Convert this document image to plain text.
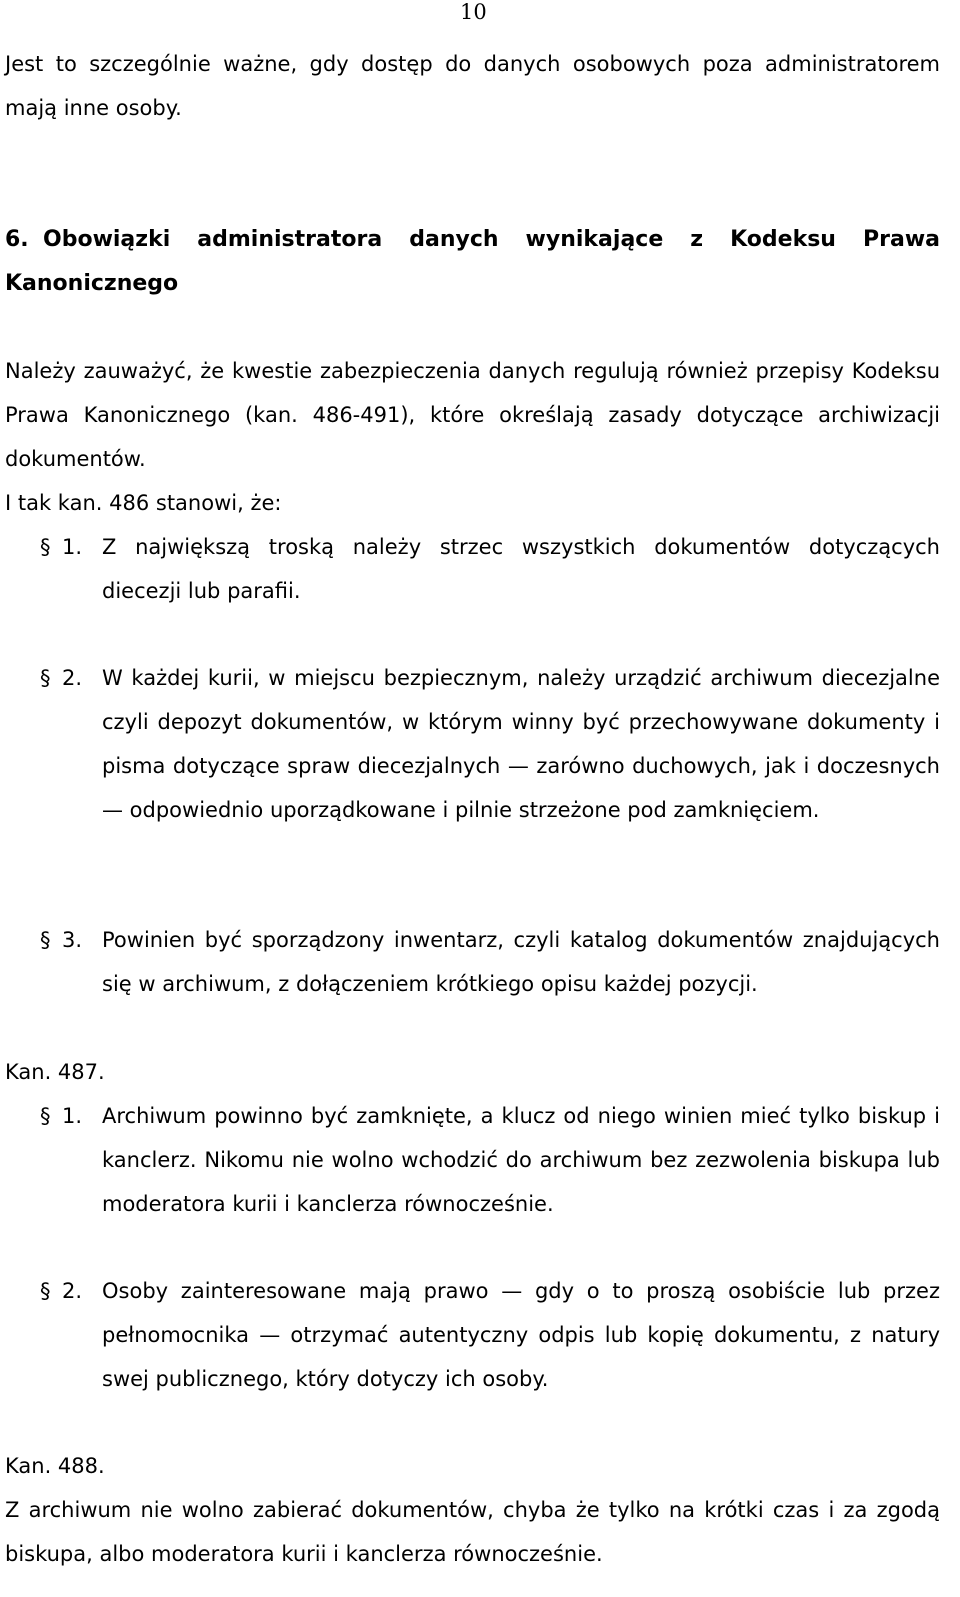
10
Jest to szczególnie ważne, gdy dostęp do danych osobowych poza administratorem mają inne osoby.
6. Obowiązki administratora danych wynikające z Kodeksu Prawa Kanonicznego
Należy zauważyć, że kwestie zabezpieczenia danych regulują również przepisy Kodeksu Prawa Kanonicznego (kan. 486-491), które określają zasady dotyczące archiwizacji dokumentów.
I tak kan. 486 stanowi, że:
§ 1. Z największą troską należy strzec wszystkich dokumentów dotyczących diecezji lub parafii.
§ 2. W każdej kurii, w miejscu bezpiecznym, należy urządzić archiwum diecezjalne czyli depozyt dokumentów, w którym winny być przechowywane dokumenty i pisma dotyczące spraw diecezjalnych — zarówno duchowych, jak i doczesnych — odpowiednio uporządkowane i pilnie strzeżone pod zamknięciem.
§ 3. Powinien być sporządzony inwentarz, czyli katalog dokumentów znajdujących się w archiwum, z dołączeniem krótkiego opisu każdej pozycji.
Kan. 487.
§ 1. Archiwum powinno być zamknięte, a klucz od niego winien mieć tylko biskup i kanclerz. Nikomu nie wolno wchodzić do archiwum bez zezwolenia biskupa lub moderatora kurii i kanclerza równocześnie.
§ 2. Osoby zainteresowane mają prawo — gdy o to proszą osobiście lub przez pełnomocnika — otrzymać autentyczny odpis lub kopię dokumentu, z natury swej publicznego, który dotyczy ich osoby.
Kan. 488.
Z archiwum nie wolno zabierać dokumentów, chyba że tylko na krótki czas i za zgodą biskupa, albo moderatora kurii i kanclerza równocześnie.
